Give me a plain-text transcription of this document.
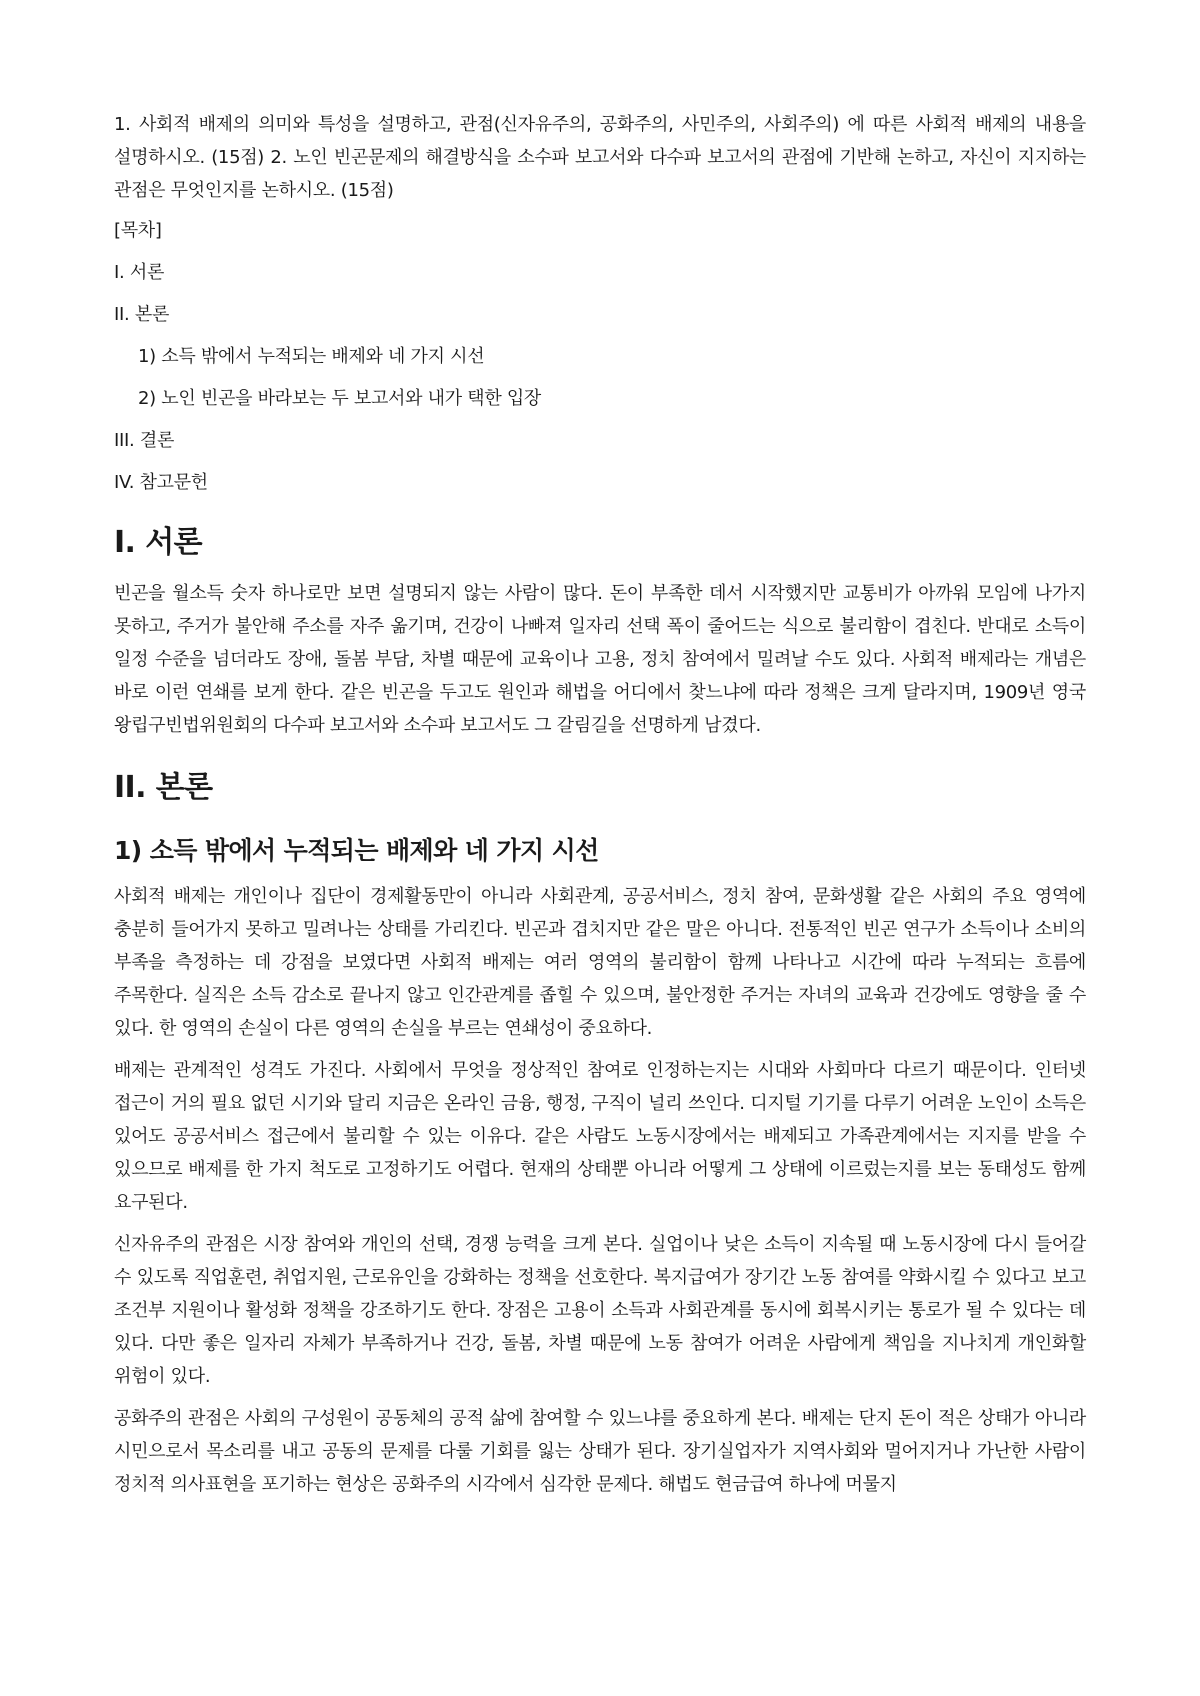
1. 사회적 배제의 의미와 특성을 설명하고, 관점(신자유주의, 공화주의, 사민주의, 사회주의) 에 따른 사회적 배제의 내용을 설명하시오. (15점) 2. 노인 빈곤문제의 해결방식을 소수파 보고서와 다수파 보고서의 관점에 기반해 논하고, 자신이 지지하는 관점은 무엇인지를 논하시오. (15점)

[목차]

I. 서론

II. 본론

1) 소득 밖에서 누적되는 배제와 네 가지 시선

2) 노인 빈곤을 바라보는 두 보고서와 내가 택한 입장

III. 결론

IV. 참고문헌

I. 서론

빈곤을 월소득 숫자 하나로만 보면 설명되지 않는 사람이 많다. 돈이 부족한 데서 시작했지만 교통비가 아까워 모임에 나가지 못하고, 주거가 불안해 주소를 자주 옮기며, 건강이 나빠져 일자리 선택 폭이 줄어드는 식으로 불리함이 겹친다. 반대로 소득이 일정 수준을 넘더라도 장애, 돌봄 부담, 차별 때문에 교육이나 고용, 정치 참여에서 밀려날 수도 있다. 사회적 배제라는 개념은 바로 이런 연쇄를 보게 한다. 같은 빈곤을 두고도 원인과 해법을 어디에서 찾느냐에 따라 정책은 크게 달라지며, 1909년 영국 왕립구빈법위원회의 다수파 보고서와 소수파 보고서도 그 갈림길을 선명하게 남겼다.

II. 본론
1) 소득 밖에서 누적되는 배제와 네 가지 시선

사회적 배제는 개인이나 집단이 경제활동만이 아니라 사회관계, 공공서비스, 정치 참여, 문화생활 같은 사회의 주요 영역에 충분히 들어가지 못하고 밀려나는 상태를 가리킨다. 빈곤과 겹치지만 같은 말은 아니다. 전통적인 빈곤 연구가 소득이나 소비의 부족을 측정하는 데 강점을 보였다면 사회적 배제는 여러 영역의 불리함이 함께 나타나고 시간에 따라 누적되는 흐름에 주목한다. 실직은 소득 감소로 끝나지 않고 인간관계를 좁힐 수 있으며, 불안정한 주거는 자녀의 교육과 건강에도 영향을 줄 수 있다. 한 영역의 손실이 다른 영역의 손실을 부르는 연쇄성이 중요하다.

배제는 관계적인 성격도 가진다. 사회에서 무엇을 정상적인 참여로 인정하는지는 시대와 사회마다 다르기 때문이다. 인터넷 접근이 거의 필요 없던 시기와 달리 지금은 온라인 금융, 행정, 구직이 널리 쓰인다. 디지털 기기를 다루기 어려운 노인이 소득은 있어도 공공서비스 접근에서 불리할 수 있는 이유다. 같은 사람도 노동시장에서는 배제되고 가족관계에서는 지지를 받을 수 있으므로 배제를 한 가지 척도로 고정하기도 어렵다. 현재의 상태뿐 아니라 어떻게 그 상태에 이르렀는지를 보는 동태성도 함께 요구된다.

신자유주의 관점은 시장 참여와 개인의 선택, 경쟁 능력을 크게 본다. 실업이나 낮은 소득이 지속될 때 노동시장에 다시 들어갈 수 있도록 직업훈련, 취업지원, 근로유인을 강화하는 정책을 선호한다. 복지급여가 장기간 노동 참여를 약화시킬 수 있다고 보고 조건부 지원이나 활성화 정책을 강조하기도 한다. 장점은 고용이 소득과 사회관계를 동시에 회복시키는 통로가 될 수 있다는 데 있다. 다만 좋은 일자리 자체가 부족하거나 건강, 돌봄, 차별 때문에 노동 참여가 어려운 사람에게 책임을 지나치게 개인화할 위험이 있다.

공화주의 관점은 사회의 구성원이 공동체의 공적 삶에 참여할 수 있느냐를 중요하게 본다. 배제는 단지 돈이 적은 상태가 아니라 시민으로서 목소리를 내고 공동의 문제를 다룰 기회를 잃는 상태가 된다. 장기실업자가 지역사회와 멀어지거나 가난한 사람이 정치적 의사표현을 포기하는 현상은 공화주의 시각에서 심각한 문제다. 해법도 현금급여 하나에 머물지
